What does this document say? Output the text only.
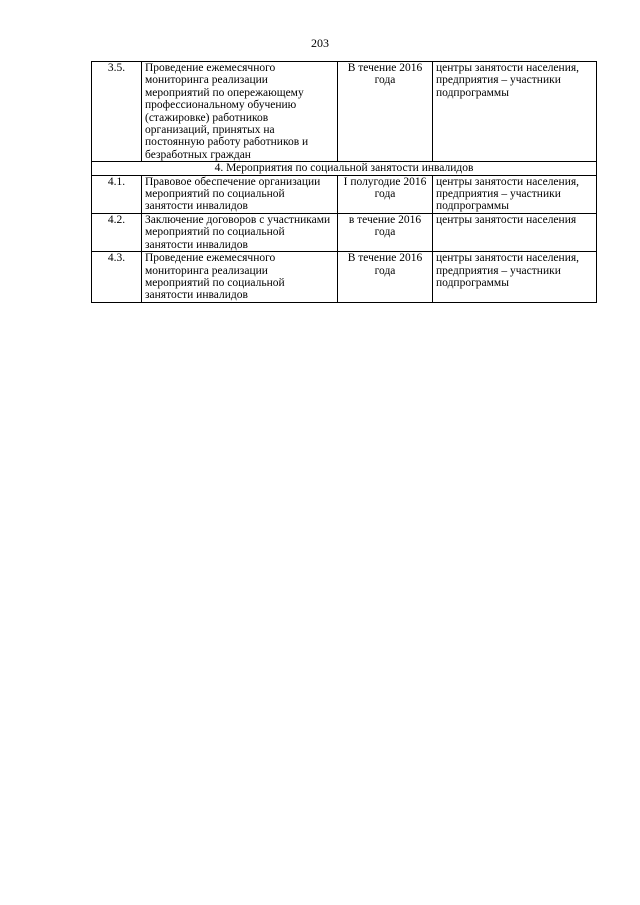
203
3.5.	Проведение ежемесячного мониторинга реализации мероприятий по опережающему профессиональному обучению (стажировке) работников организаций, принятых на постоянную работу работников и безработных граждан	В течение 2016 года	центры занятости населения, предприятия – участники подпрограммы
4. Мероприятия по социальной занятости инвалидов			
4.1.	Правовое обеспечение организации мероприятий по социальной занятости инвалидов	I полугодие 2016 года	центры занятости населения, предприятия – участники подпрограммы
4.2.	Заключение договоров с участниками мероприятий по социальной занятости инвалидов	в течение 2016 года	центры занятости населения
4.3.	Проведение ежемесячного мониторинга реализации мероприятий по социальной занятости инвалидов	В течение 2016 года	центры занятости населения, предприятия – участники подпрограммы
